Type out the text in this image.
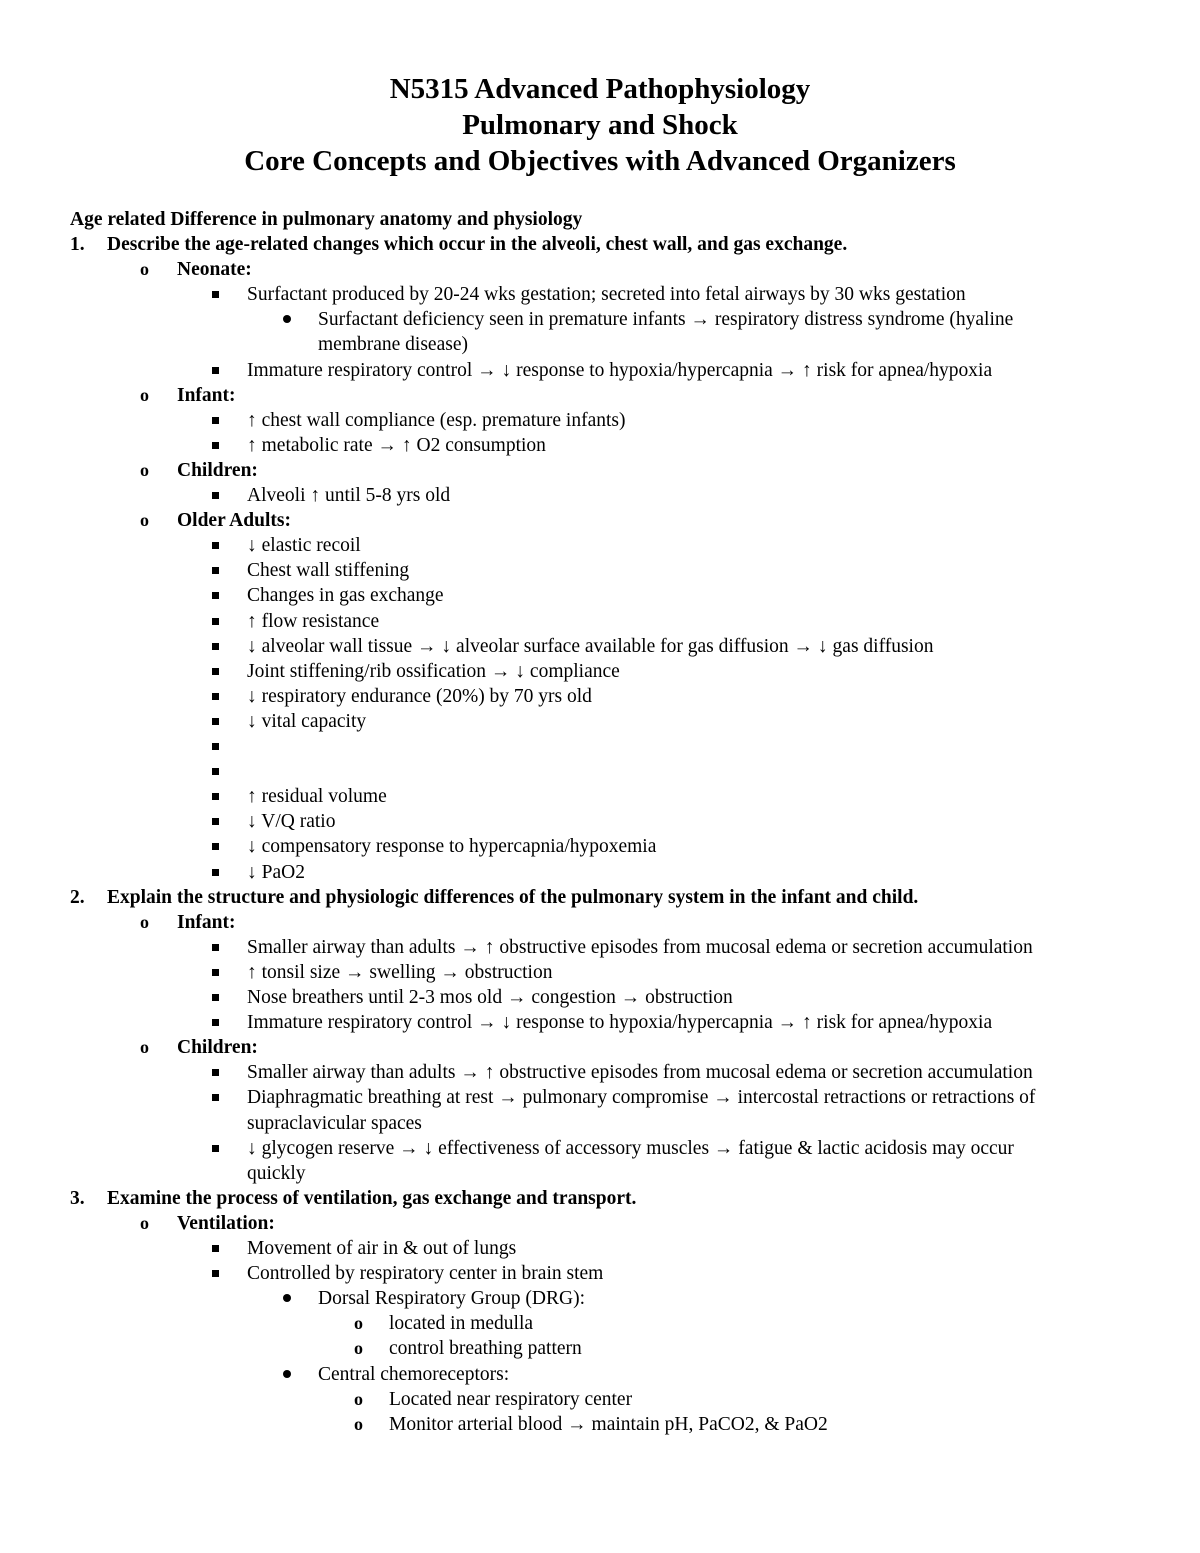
N5315 Advanced Pathophysiology
Pulmonary and Shock
Core Concepts and Objectives with Advanced Organizers
Age related Difference in pulmonary anatomy and physiology
1. Describe the age-related changes which occur in the alveoli, chest wall, and gas exchange.
o Neonate:
Surfactant produced by 20-24 wks gestation; secreted into fetal airways by 30 wks gestation
Surfactant deficiency seen in premature infants → respiratory distress syndrome (hyaline
membrane disease)
Immature respiratory control → ↓ response to hypoxia/hypercapnia → ↑ risk for apnea/hypoxia
o Infant:
↑ chest wall compliance (esp. premature infants)
↑ metabolic rate → ↑ O2 consumption
o Children:
Alveoli ↑ until 5-8 yrs old
o Older Adults:
↓ elastic recoil
Chest wall stiffening
Changes in gas exchange
↑ flow resistance
↓ alveolar wall tissue → ↓ alveolar surface available for gas diffusion → ↓ gas diffusion
Joint stiffening/rib ossification → ↓ compliance
↓ respiratory endurance (20%) by 70 yrs old
↓ vital capacity
↑ residual volume
↓ V/Q ratio
↓ compensatory response to hypercapnia/hypoxemia
↓ PaO2
2. Explain the structure and physiologic differences of the pulmonary system in the infant and child.
o Infant:
Smaller airway than adults → ↑ obstructive episodes from mucosal edema or secretion accumulation
↑ tonsil size → swelling → obstruction
Nose breathers until 2-3 mos old → congestion → obstruction
Immature respiratory control → ↓ response to hypoxia/hypercapnia → ↑ risk for apnea/hypoxia
o Children:
Smaller airway than adults → ↑ obstructive episodes from mucosal edema or secretion accumulation
Diaphragmatic breathing at rest → pulmonary compromise → intercostal retractions or retractions of
supraclavicular spaces
↓ glycogen reserve → ↓ effectiveness of accessory muscles → fatigue & lactic acidosis may occur
quickly
3. Examine the process of ventilation, gas exchange and transport.
o Ventilation:
Movement of air in & out of lungs
Controlled by respiratory center in brain stem
Dorsal Respiratory Group (DRG):
o located in medulla
o control breathing pattern
Central chemoreceptors:
o Located near respiratory center
o Monitor arterial blood → maintain pH, PaCO2, & PaO2
